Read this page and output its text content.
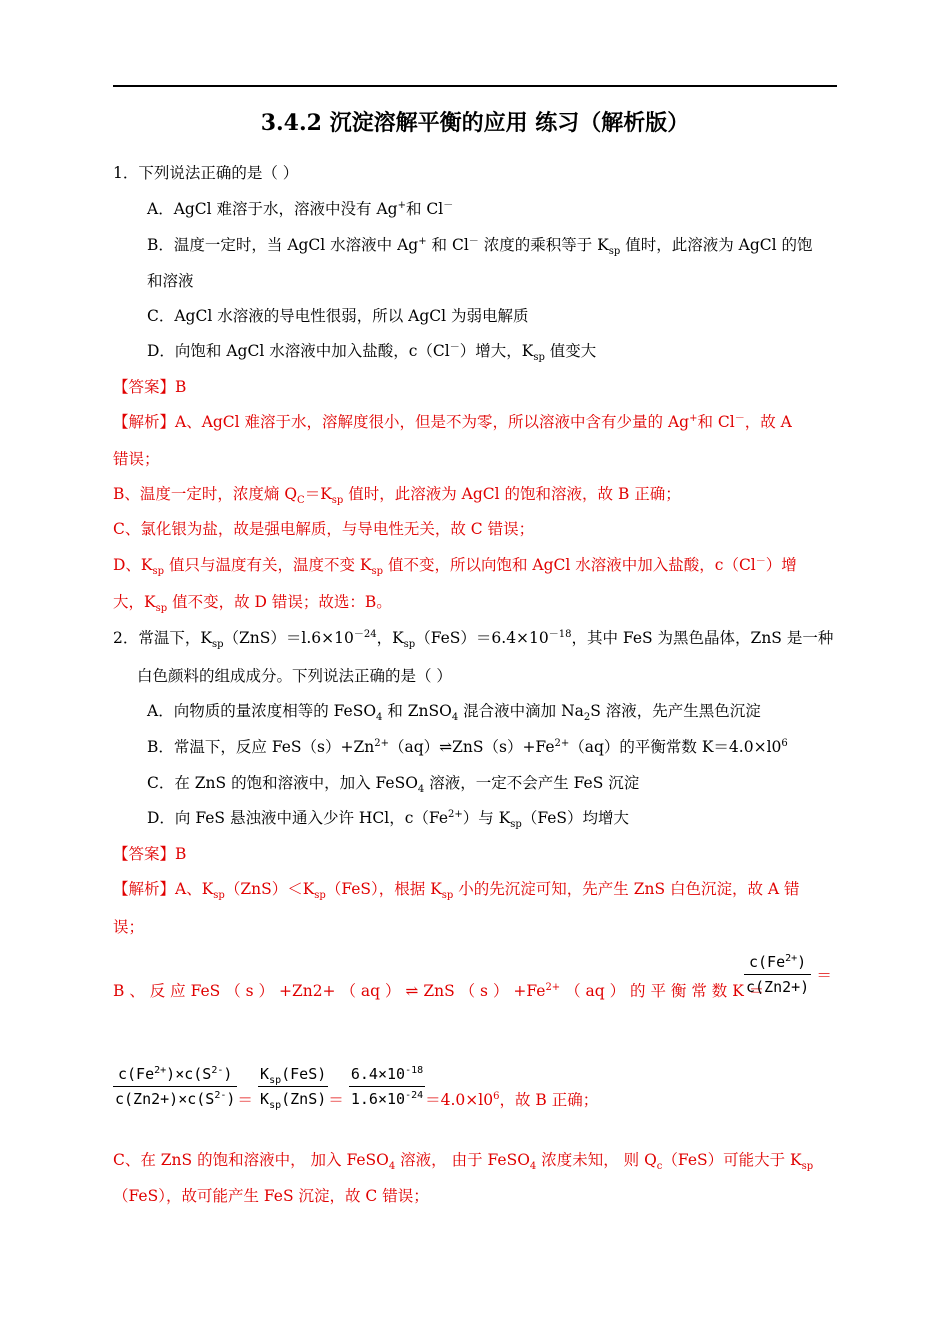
3.4.2 沉淀溶解平衡的应用 练习（解析版）
1．下列说法正确的是（ ）
A．AgCl 难溶于水，溶液中没有 Ag+和 Cl－
B．温度一定时，当 AgCl 水溶液中 Ag+ 和 Cl－ 浓度的乘积等于 $K_{sp}$ 值时，此溶液为 AgCl 的饱
和溶液
C．AgCl 水溶液的导电性很弱，所以 AgCl 为弱电解质
D．向饱和 AgCl 水溶液中加入盐酸，c（Cl－）增大，$K_{sp}$ 值变大
【答案】B
【解析】A、AgCl 难溶于水，溶解度很小，但是不为零，所以溶液中含有少量的 Ag+和 Cl－，故 A
错误；
B、温度一定时，浓度熵 $Q_C=K_{sp}$ 值时，此溶液为 AgCl 的饱和溶液，故 B 正确；
C、氯化银为盐，故是强电解质，与导电性无关，故 C 错误；
D、$K_{sp}$ 值只与温度有关，温度不变 $K_{sp}$ 值不变，所以向饱和 AgCl 水溶液中加入盐酸，c（Cl－）增
大，$K_{sp}$ 值不变，故 D 错误；故选：B。
2．常温下，$K_{sp}(ZnS)=l.6\times 10^{-24}$，$K_{sp}(FeS)=6.4\times 10^{-18}$，其中 FeS 为黑色晶体，ZnS 是一种
白色颜料的组成成分。下列说法正确的是（ ）
A．向物质的量浓度相等的 FeSO$_4$ 和 ZnSO$_4$ 混合液中滴加 $Na_2S$ 溶液，先产生黑色沉淀
B．常温下，反应 $FeS(s)+Zn^{2+}(aq)\rightleftharpoons ZnS(s)+Fe^{2+}(aq)$的平衡常数 $K=4.0\times l0^6$
C．在 ZnS 的饱和溶液中，加入 FeSO$_4$ 溶液，一定不会产生 FeS 沉淀
D．向 FeS 悬浊液中通入少许 HCl，$c(Fe^{2+})$与 $K_{sp}(FeS)$均增大
【答案】B
【解析】A、$K_{sp}(ZnS)<K_{sp}(FeS)$，根据 $K_{sp}$ 小的先沉淀可知，先产生 ZnS 白色沉淀，故 A 错
误；
B 、 反 应 FeS （ s ） +Zn2+ （ aq ） ⇌ ZnS （ s ） $+Fe^{2+}$ （ aq ） 的 平 衡 常 数 K ＝
$\frac{c(Fe^{2+})}{c(Zn2+)}$ ＝
$\frac{c(Fe^{2+})\times c(S^{2-})}{c(Zn2+)\times c(S^{2-})} = \frac{K_{sp}(FeS)}{K_{sp}(ZnS)} = \frac{6.4\times 10^{-18}}{1.6\times 10^{-24}} =4.0\times l0^6$，故 B 正确；
C、在 ZnS 的饱和溶液中， 加入 FeSO$_4$ 溶液， 由于 FeSO$_4$ 浓度未知， 则 $Q_c(FeS)$可能大于 $K_{sp}$
（FeS），故可能产生 FeS 沉淀，故 C 错误；
